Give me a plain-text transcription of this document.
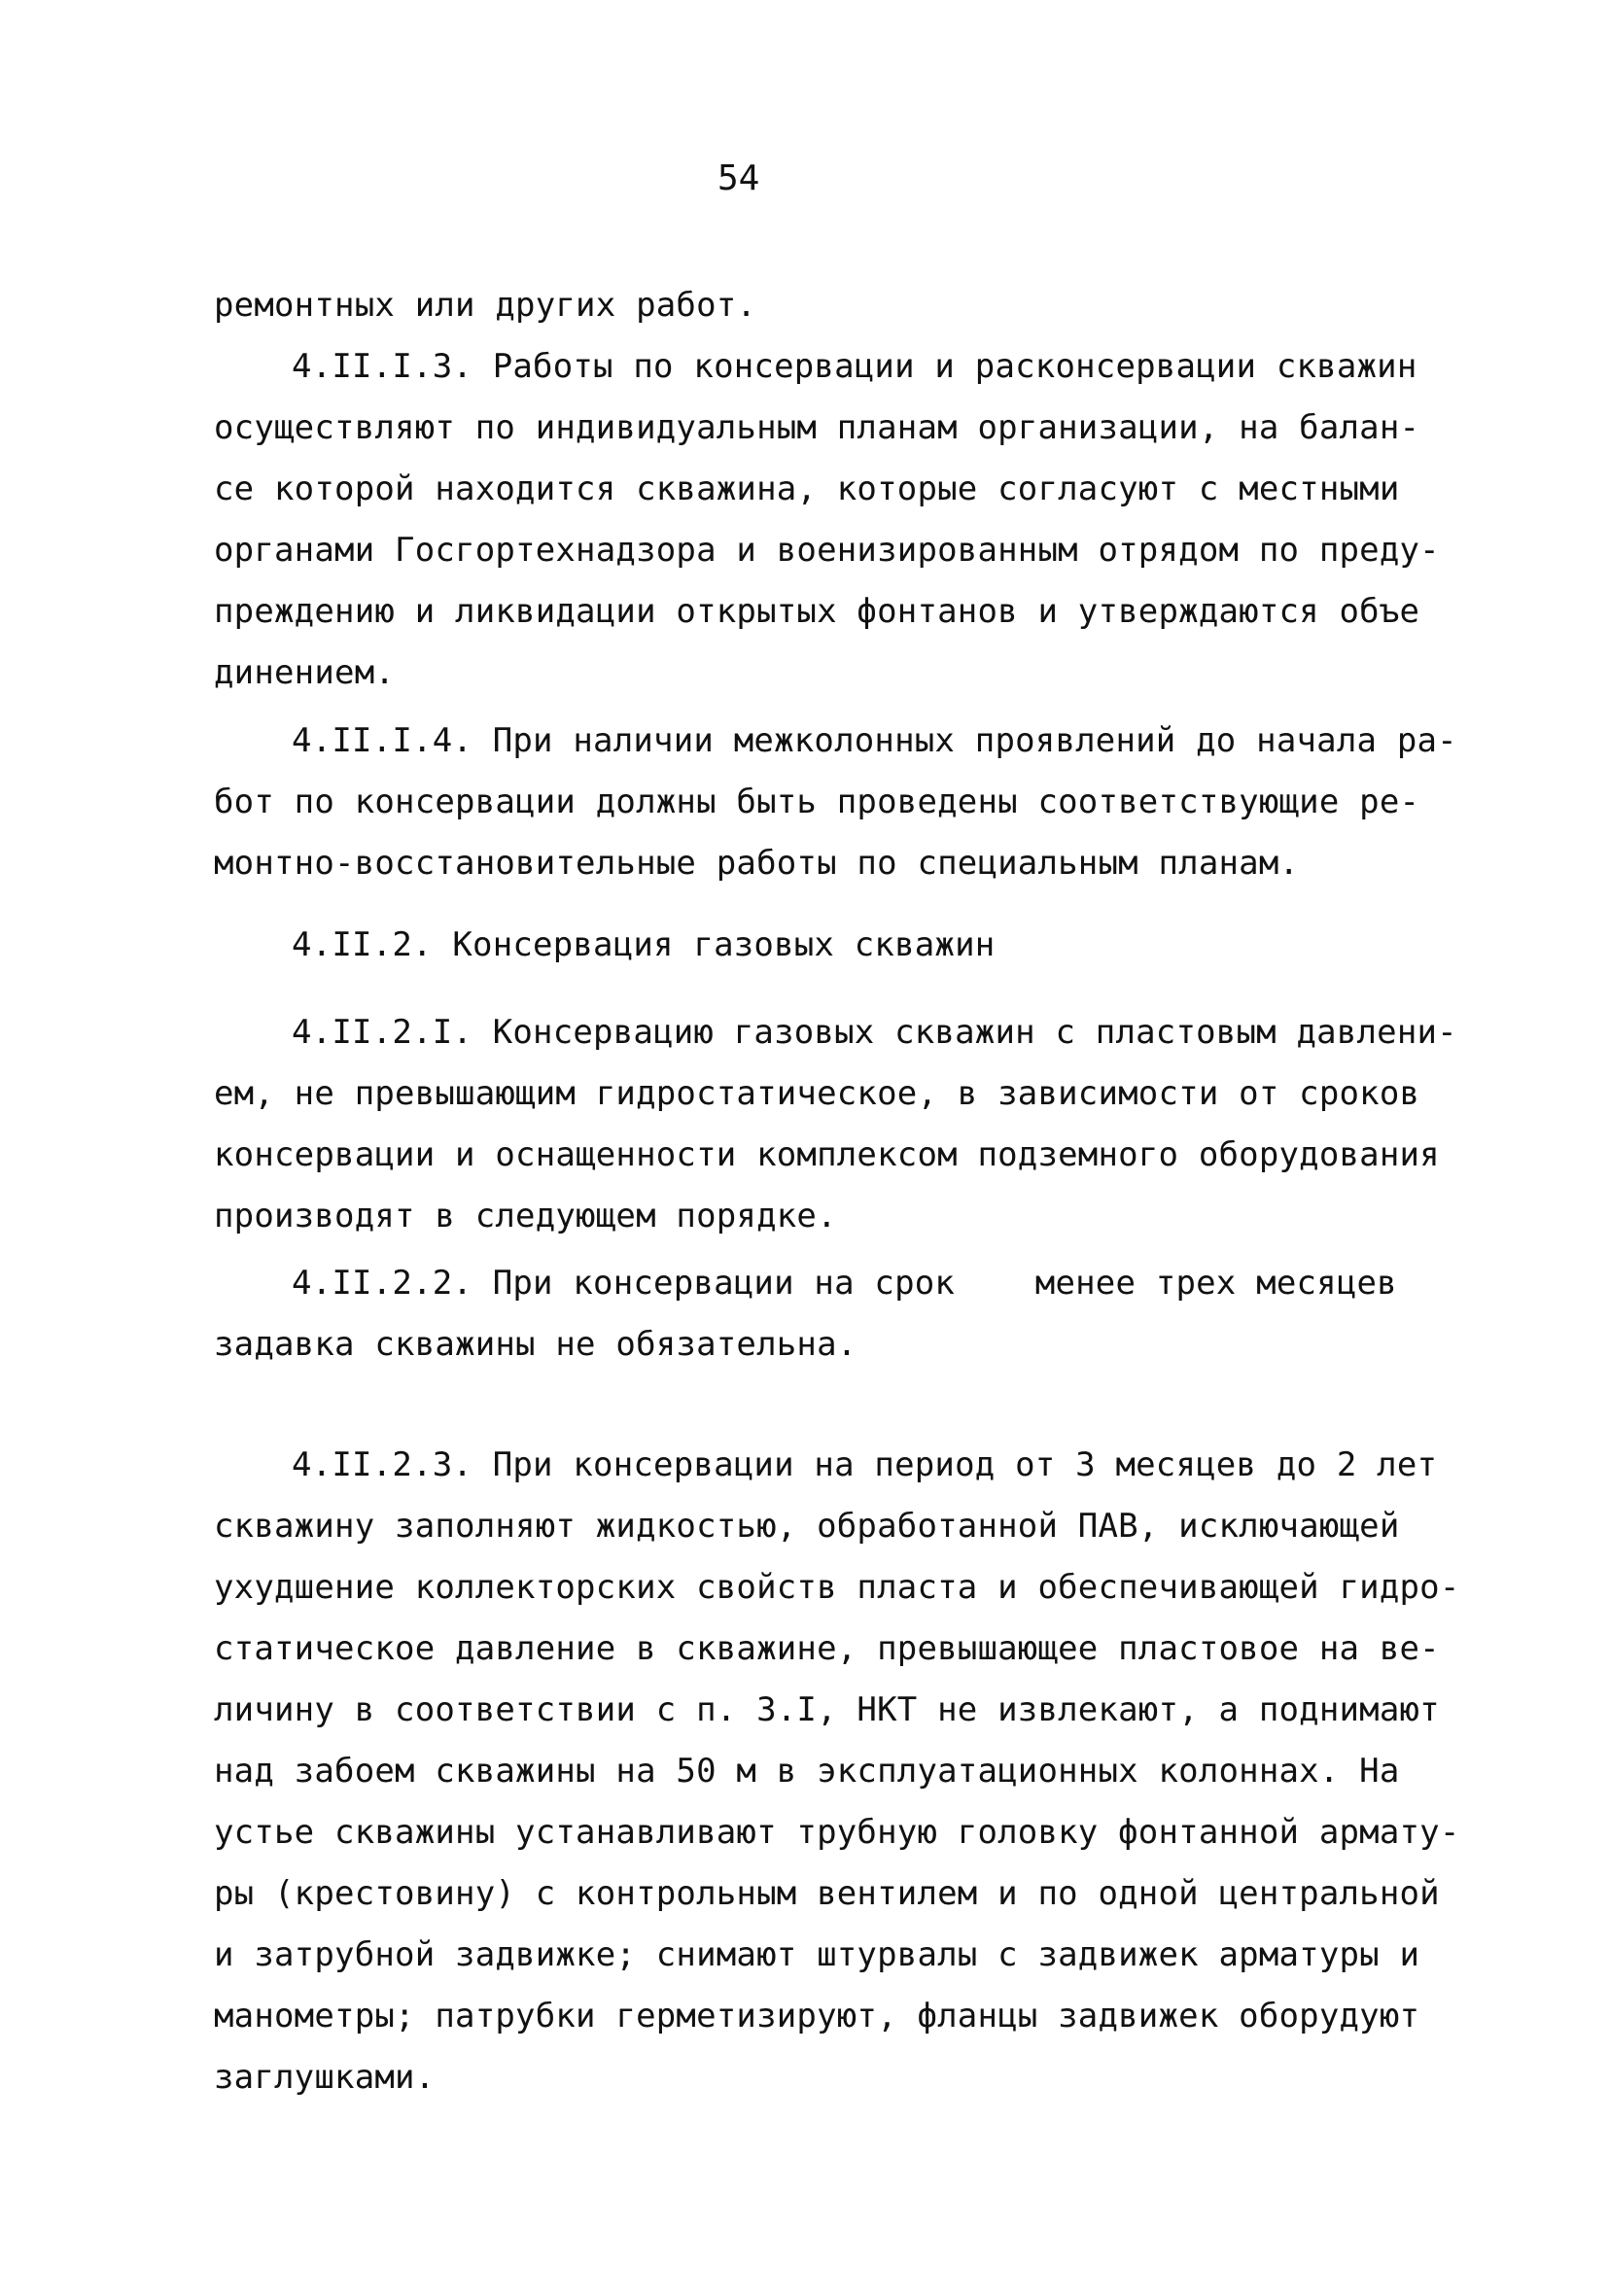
54
ремонтных или других работ.
4.II.I.3. Работы по консервации и расконсервации скважин
осуществляют по индивидуальным планам организации, на балан-
се которой находится скважина, которые согласуют с местными
органами Госгортехнадзора и военизированным отрядом по преду-
преждению и ликвидации открытых фонтанов и утверждаются объе
динением.
4.II.I.4. При наличии межколонных проявлений до начала ра-
бот по консервации должны быть проведены соответствующие ре-
монтно-восстановительные работы по специальным планам.
4.II.2. Консервация газовых скважин
4.II.2.I. Консервацию газовых скважин с пластовым давлени-
ем, не превышающим гидростатическое, в зависимости от сроков
консервации и оснащенности комплексом подземного оборудования
производят в следующем порядке.
4.II.2.2. При консервации на срок    менее трех месяцев
задавка скважины не обязательна.
4.II.2.3. При консервации на период от 3 месяцев до 2 лет
скважину заполняют жидкостью, обработанной ПАВ, исключающей
ухудшение коллекторских свойств пласта и обеспечивающей гидро-
статическое давление в скважине, превышающее пластовое на ве-
личину в соответствии с п. 3.I, НКТ не извлекают, а поднимают
над забоем скважины на 50 м в эксплуатационных колоннах. На
устье скважины устанавливают трубную головку фонтанной армату-
ры (крестовину) с контрольным вентилем и по одной центральной
и затрубной задвижке; снимают штурвалы с задвижек арматуры и
манометры; патрубки герметизируют, фланцы задвижек оборудуют
заглушками.
